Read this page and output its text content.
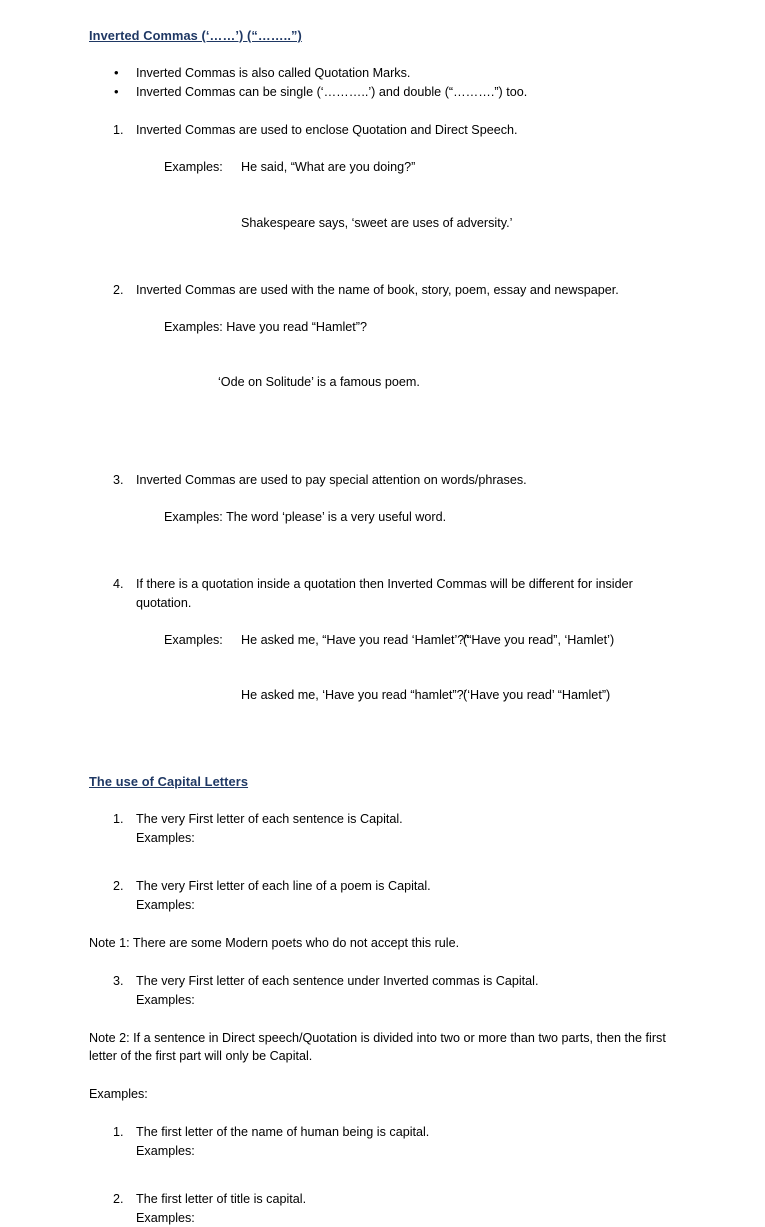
Inverted Commas (‘……’) (“……..”)
•	Inverted Commas is also called Quotation Marks.
•	Inverted Commas can be single (‘………..’) and double (“……….”) too.
1. Inverted Commas are used to enclose Quotation and Direct Speech.

Examples: He said, “What are you doing?”

Shakespeare says, ‘sweet are uses of adversity.’

2. Inverted Commas are used with the name of book, story, poem, essay and newspaper.

Examples: Have you read “Hamlet”?

‘Ode on Solitude’ is a famous poem.

3. Inverted Commas are used to pay special attention on words/phrases.

Examples: The word ‘please’ is a very useful word.

4. If there is a quotation inside a quotation then Inverted Commas will be different for insider quotation.

Examples: He asked me, “Have you read ‘Hamlet’?”(“Have you read”, ‘Hamlet’)

He asked me, ‘Have you read “hamlet”?’(‘Have you read’ “Hamlet”)

The use of Capital Letters
1. The very First letter of each sentence is Capital.
Examples:
2. The very First letter of each line of a poem is Capital.
Examples:
Note 1: There are some Modern poets who do not accept this rule.
3. The very First letter of each sentence under Inverted commas is Capital.
Examples:
Note 2: If a sentence in Direct speech/Quotation is divided into two or more than two parts, then the first letter of the first part will only be Capital.
Examples:
1. The first letter of the name of human being is capital.
Examples:
2. The first letter of title is capital.
Examples:
